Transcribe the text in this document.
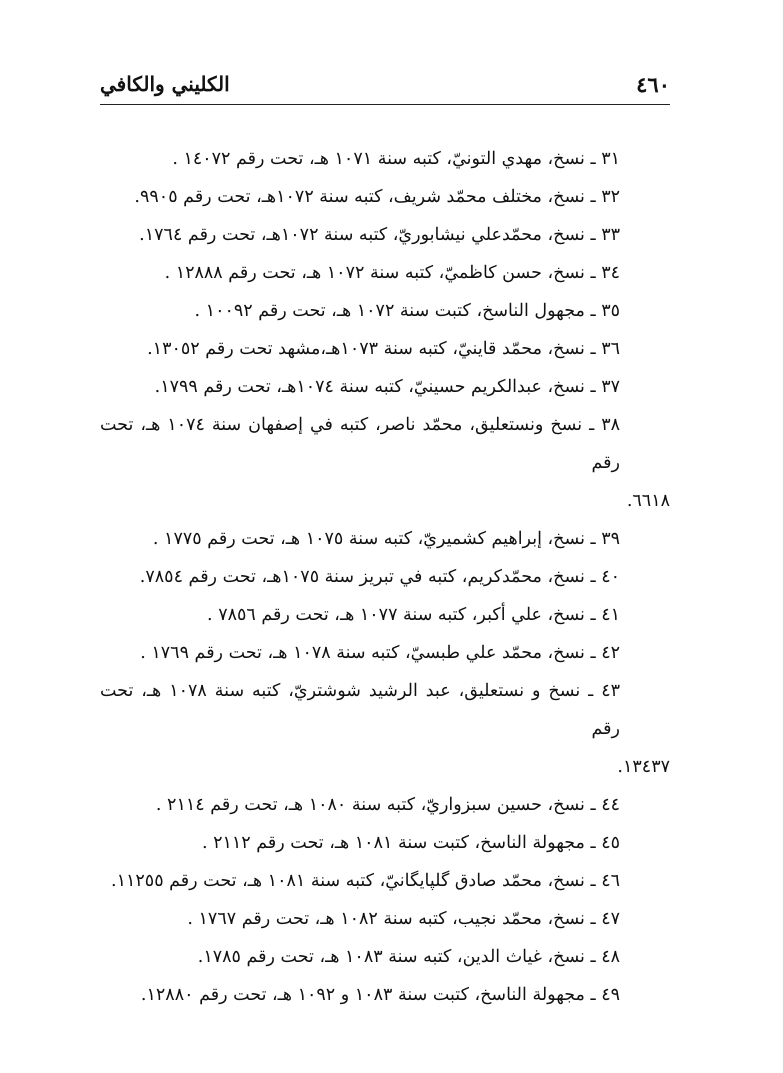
٤٦٠
الكليني والكافي
٣١ ـ نسخ، مهدي التونيّ، كتبه سنة ١٠٧١ هـ، تحت رقم ١٤٠٧٢ .
٣٢ ـ نسخ، مختلف محمّد شريف، كتبه سنة ١٠٧٢هـ، تحت رقم ٩٩٠٥.
٣٣ ـ نسخ، محمّدعلي نيشابوريّ، كتبه سنة ١٠٧٢هـ، تحت رقم ١٧٦٤.
٣٤ ـ نسخ، حسن كاظميّ، كتبه سنة ١٠٧٢ هـ، تحت رقم ١٢٨٨٨ .
٣٥ ـ مجهول الناسخ، كتبت سنة ١٠٧٢ هـ، تحت رقم ١٠٠٩٢ .
٣٦ ـ نسخ، محمّد قاينيّ، كتبه سنة ١٠٧٣هـ،مشهد تحت رقم ١٣٠٥٢.
٣٧ ـ نسخ، عبدالكريم حسينيّ، كتبه سنة ١٠٧٤هـ، تحت رقم ١٧٩٩.
٣٨ ـ نسخ ونستعليق، محمّد ناصر، كتبه في إصفهان سنة ١٠٧٤ هـ، تحت رقم
٦٦١٨.
٣٩ ـ نسخ، إبراهيم كشميريّ، كتبه سنة ١٠٧٥ هـ، تحت رقم ١٧٧٥ .
٤٠ ـ نسخ، محمّدكريم، كتبه في تبريز سنة ١٠٧٥هـ، تحت رقم ٧٨٥٤.
٤١ ـ نسخ، علي أكبر، كتبه سنة ١٠٧٧ هـ، تحت رقم ٧٨٥٦ .
٤٢ ـ نسخ، محمّد علي طبسيّ، كتبه سنة ١٠٧٨ هـ، تحت رقم ١٧٦٩ .
٤٣ ـ نسخ و نستعليق، عبد الرشيد شوشتريّ، كتبه سنة ١٠٧٨ هـ، تحت رقم
١٣٤٣٧.
٤٤ ـ نسخ، حسين سبزواريّ، كتبه سنة ١٠٨٠ هـ، تحت رقم ٢١١٤ .
٤٥ ـ مجهولة الناسخ، كتبت سنة ١٠٨١ هـ، تحت رقم ٢١١٢ .
٤٦ ـ نسخ، محمّد صادق گلپايگانيّ، كتبه سنة ١٠٨١ هـ، تحت رقم ١١٢٥٥.
٤٧ ـ نسخ، محمّد نجيب، كتبه سنة ١٠٨٢ هـ، تحت رقم ١٧٦٧ .
٤٨ ـ نسخ، غياث الدين، كتبه سنة ١٠٨٣ هـ، تحت رقم ١٧٨٥.
٤٩ ـ مجهولة الناسخ، كتبت سنة ١٠٨٣ و ١٠٩٢ هـ، تحت رقم ١٢٨٨٠.
